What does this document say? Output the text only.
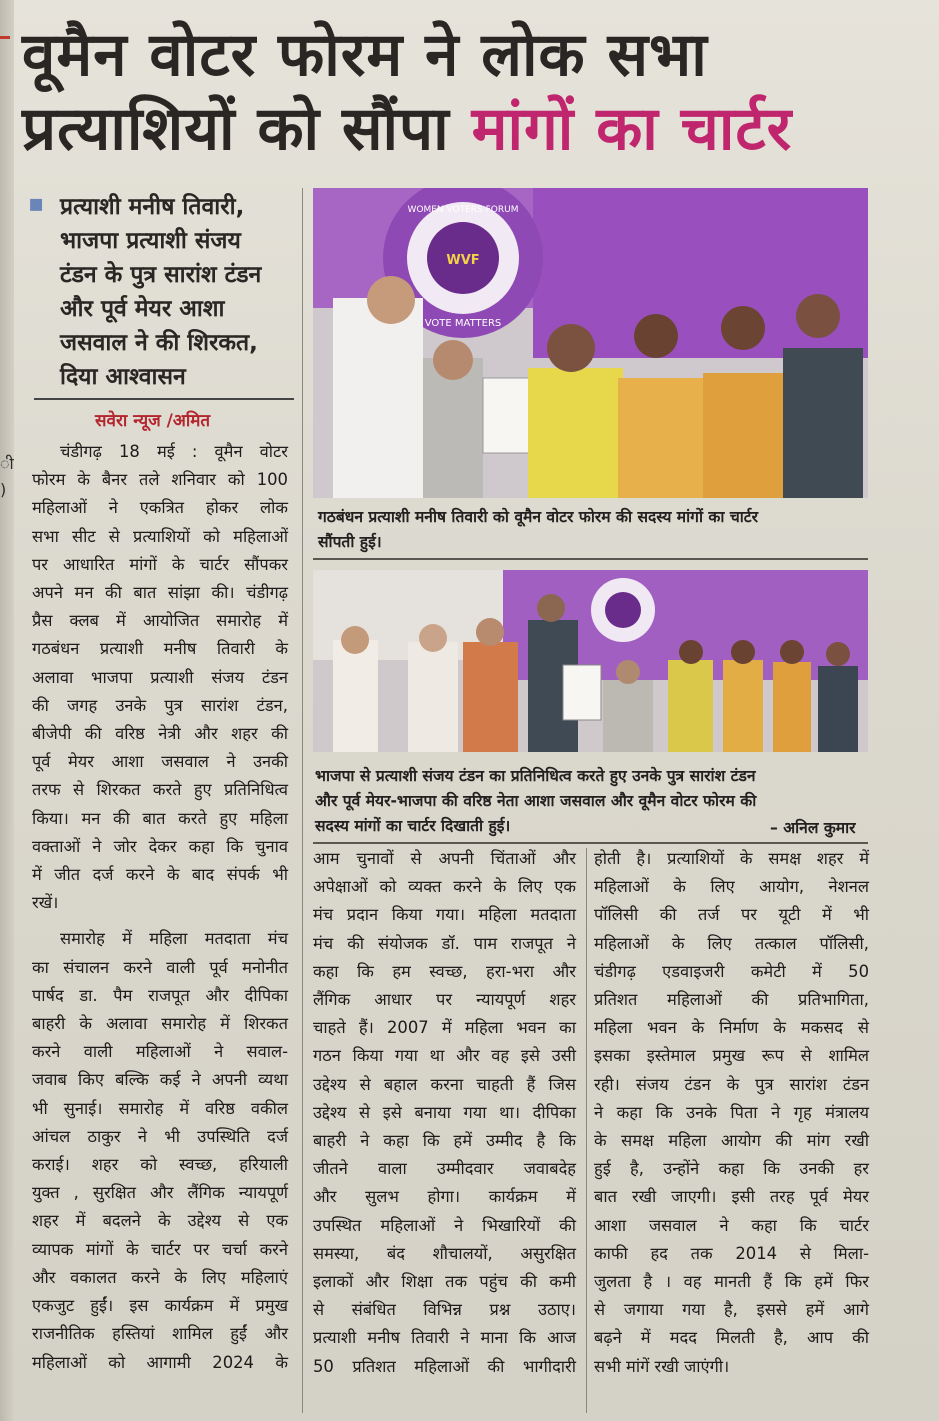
ी
)
वूमैन वोटर फोरम ने लोक सभा
प्रत्याशियों को सौंपा मांगों का चार्टर
▪ प्रत्याशी मनीष तिवारी,
भाजपा प्रत्याशी संजय
टंडन के पुत्र सारांश टंडन
और पूर्व मेयर आशा
जसवाल ने की शिरकत,
दिया आश्वासन
सवेरा न्यूज /अमित
WVF
WOMEN VOTERS FORUM
VOTE MATTERS
गठबंधन प्रत्याशी मनीष तिवारी को वूमैन वोटर फोरम की सदस्य मांगों का चार्टर
सौंपती हुई।
भाजपा से प्रत्याशी संजय टंडन का प्रतिनिधित्व करते हुए उनके पुत्र सारांश टंडन
और पूर्व मेयर-भाजपा की वरिष्ठ नेता आशा जसवाल और वूमैन वोटर फोरम की
सदस्य मांगों का चार्टर दिखाती हुई।	– अनिल कुमार
चंडीगढ़ 18 मई : वूमैन वोटर
फोरम के बैनर तले शनिवार को 100
महिलाओं ने एकत्रित होकर लोक
सभा सीट से प्रत्याशियों को महिलाओं
पर आधारित मांगों के चार्टर सौंपकर
अपने मन की बात सांझा की। चंडीगढ़
प्रैस क्लब में आयोजित समारोह में
गठबंधन प्रत्याशी मनीष तिवारी के
अलावा भाजपा प्रत्याशी संजय टंडन
की जगह उनके पुत्र सारांश टंडन,
बीजेपी की वरिष्ठ नेत्री और शहर की
पूर्व मेयर आशा जसवाल ने उनकी
तरफ से शिरकत करते हुए प्रतिनिधित्व
किया। मन की बात करते हुए महिला
वक्ताओं ने जोर देकर कहा कि चुनाव
में जीत दर्ज करने के बाद संपर्क भी
रखें।
समारोह में महिला मतदाता मंच
का संचालन करने वाली पूर्व मनोनीत
पार्षद डा. पैम राजपूत और दीपिका
बाहरी के अलावा समारोह में शिरकत
करने वाली महिलाओं ने सवाल-
जवाब किए बल्कि कई ने अपनी व्यथा
भी सुनाई। समारोह में वरिष्ठ वकील
आंचल ठाकुर ने भी उपस्थिति दर्ज
कराई। शहर को स्वच्छ, हरियाली
युक्त , सुरक्षित और लैंगिक न्यायपूर्ण
शहर में बदलने के उद्देश्य से एक
व्यापक मांगों के चार्टर पर चर्चा करने
और वकालत करने के लिए महिलाएं
एकजुट हुईं। इस कार्यक्रम में प्रमुख
राजनीतिक हस्तियां शामिल हुईं और
महिलाओं को आगामी 2024 के
आम चुनावों से अपनी चिंताओं और
अपेक्षाओं को व्यक्त करने के लिए एक
मंच प्रदान किया गया। महिला मतदाता
मंच की संयोजक डॉ. पाम राजपूत ने
कहा कि हम स्वच्छ, हरा-भरा और
लैंगिक आधार पर न्यायपूर्ण शहर
चाहते हैं। 2007 में महिला भवन का
गठन किया गया था और वह इसे उसी
उद्देश्य से बहाल करना चाहती हैं जिस
उद्देश्य से इसे बनाया गया था। दीपिका
बाहरी ने कहा कि हमें उम्मीद है कि
जीतने वाला उम्मीदवार जवाबदेह
और सुलभ होगा। कार्यक्रम में
उपस्थित महिलाओं ने भिखारियों की
समस्या, बंद शौचालयों, असुरक्षित
इलाकों और शिक्षा तक पहुंच की कमी
से संबंधित विभिन्न प्रश्न उठाए।
प्रत्याशी मनीष तिवारी ने माना कि आज
50 प्रतिशत महिलाओं की भागीदारी
होती है। प्रत्याशियों के समक्ष शहर में
महिलाओं के लिए आयोग, नेशनल
पॉलिसी की तर्ज पर यूटी में भी
महिलाओं के लिए तत्काल पॉलिसी,
चंडीगढ़ एडवाइजरी कमेटी में 50
प्रतिशत महिलाओं की प्रतिभागिता,
महिला भवन के निर्माण के मकसद से
इसका इस्तेमाल प्रमुख रूप से शामिल
रही। संजय टंडन के पुत्र सारांश टंडन
ने कहा कि उनके पिता ने गृह मंत्रालय
के समक्ष महिला आयोग की मांग रखी
हुई है, उन्होंने कहा कि उनकी हर
बात रखी जाएगी। इसी तरह पूर्व मेयर
आशा जसवाल ने कहा कि चार्टर
काफी हद तक 2014 से मिला-
जुलता है । वह मानती हैं कि हमें फिर
से जगाया गया है, इससे हमें आगे
बढ़ने में मदद मिलती है, आप की
सभी मांगें रखी जाएंगी।
